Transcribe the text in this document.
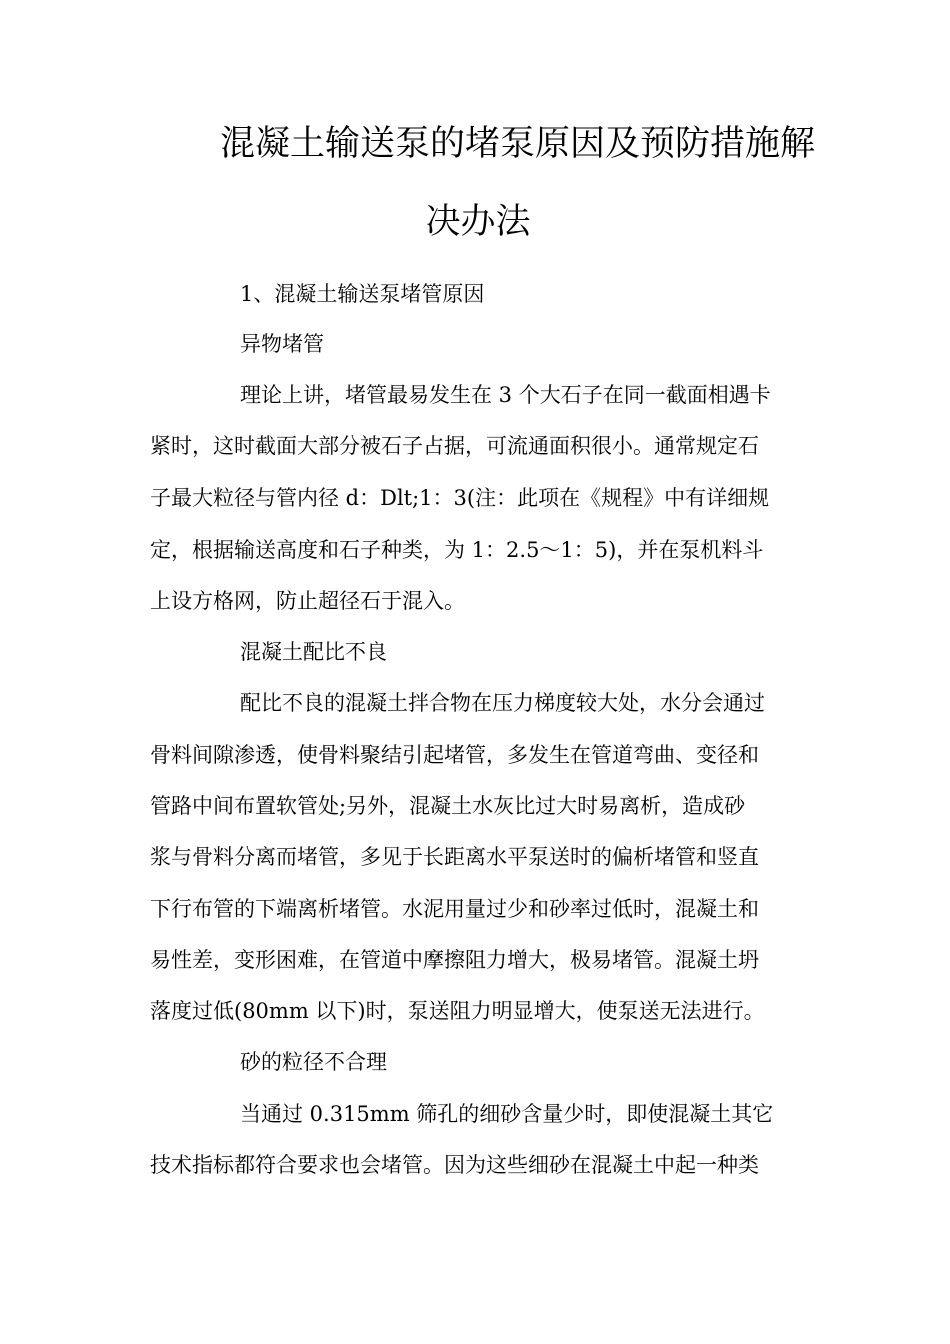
混凝土输送泵的堵泵原因及预防措施解
决办法

1、混凝土输送泵堵管原因

异物堵管

理论上讲，堵管最易发生在 3 个大石子在同一截面相遇卡

紧时，这时截面大部分被石子占据，可流通面积很小。通常规定石

子最大粒径与管内径 d：Dlt;1：3(注：此项在《规程》中有详细规

定，根据输送高度和石子种类，为 1：2.5～1：5)，并在泵机料斗

上设方格网，防止超径石于混入。

混凝土配比不良

配比不良的混凝土拌合物在压力梯度较大处，水分会通过

骨料间隙渗透，使骨料聚结引起堵管，多发生在管道弯曲、变径和

管路中间布置软管处;另外，混凝土水灰比过大时易离析，造成砂

浆与骨料分离而堵管，多见于长距离水平泵送时的偏析堵管和竖直

下行布管的下端离析堵管。水泥用量过少和砂率过低时，混凝土和

易性差，变形困难，在管道中摩擦阻力增大，极易堵管。混凝土坍

落度过低(80mm 以下)时，泵送阻力明显增大，使泵送无法进行。

砂的粒径不合理

当通过 0.315mm 筛孔的细砂含量少时，即使混凝土其它

技术指标都符合要求也会堵管。因为这些细砂在混凝土中起一种类
